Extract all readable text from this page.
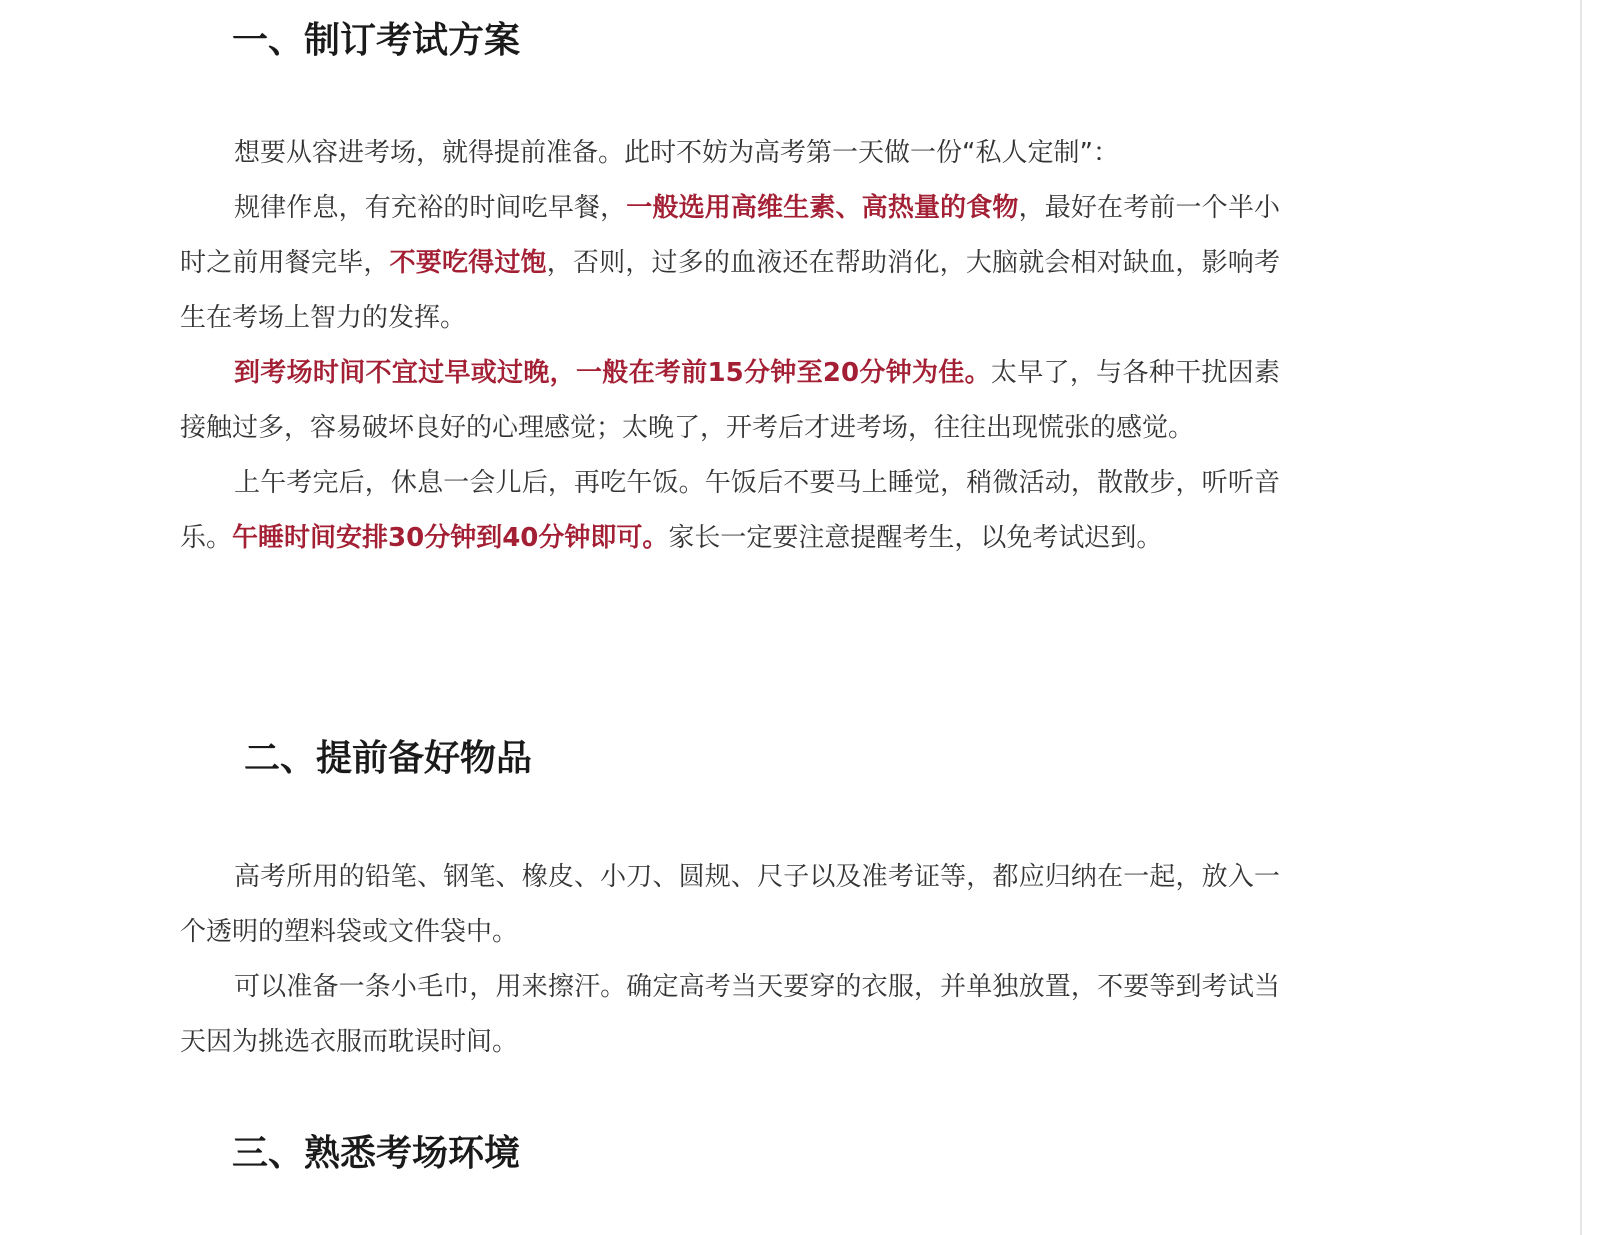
一、制订考试方案

想要从容进考场，就得提前准备。此时不妨为高考第一天做一份“私人定制”：

规律作息，有充裕的时间吃早餐，一般选用高维生素、高热量的食物，最好在考前一个半小时之前用餐完毕，不要吃得过饱，否则，过多的血液还在帮助消化，大脑就会相对缺血，影响考生在考场上智力的发挥。

到考场时间不宜过早或过晚，一般在考前15分钟至20分钟为佳。太早了，与各种干扰因素接触过多，容易破坏良好的心理感觉；太晚了，开考后才进考场，往往出现慌张的感觉。

上午考完后，休息一会儿后，再吃午饭。午饭后不要马上睡觉，稍微活动，散散步，听听音乐。午睡时间安排30分钟到40分钟即可。家长一定要注意提醒考生，以免考试迟到。

二、提前备好物品

高考所用的铅笔、钢笔、橡皮、小刀、圆规、尺子以及准考证等，都应归纳在一起，放入一个透明的塑料袋或文件袋中。

可以准备一条小毛巾，用来擦汗。确定高考当天要穿的衣服，并单独放置，不要等到考试当天因为挑选衣服而耽误时间。

三、熟悉考场环境
